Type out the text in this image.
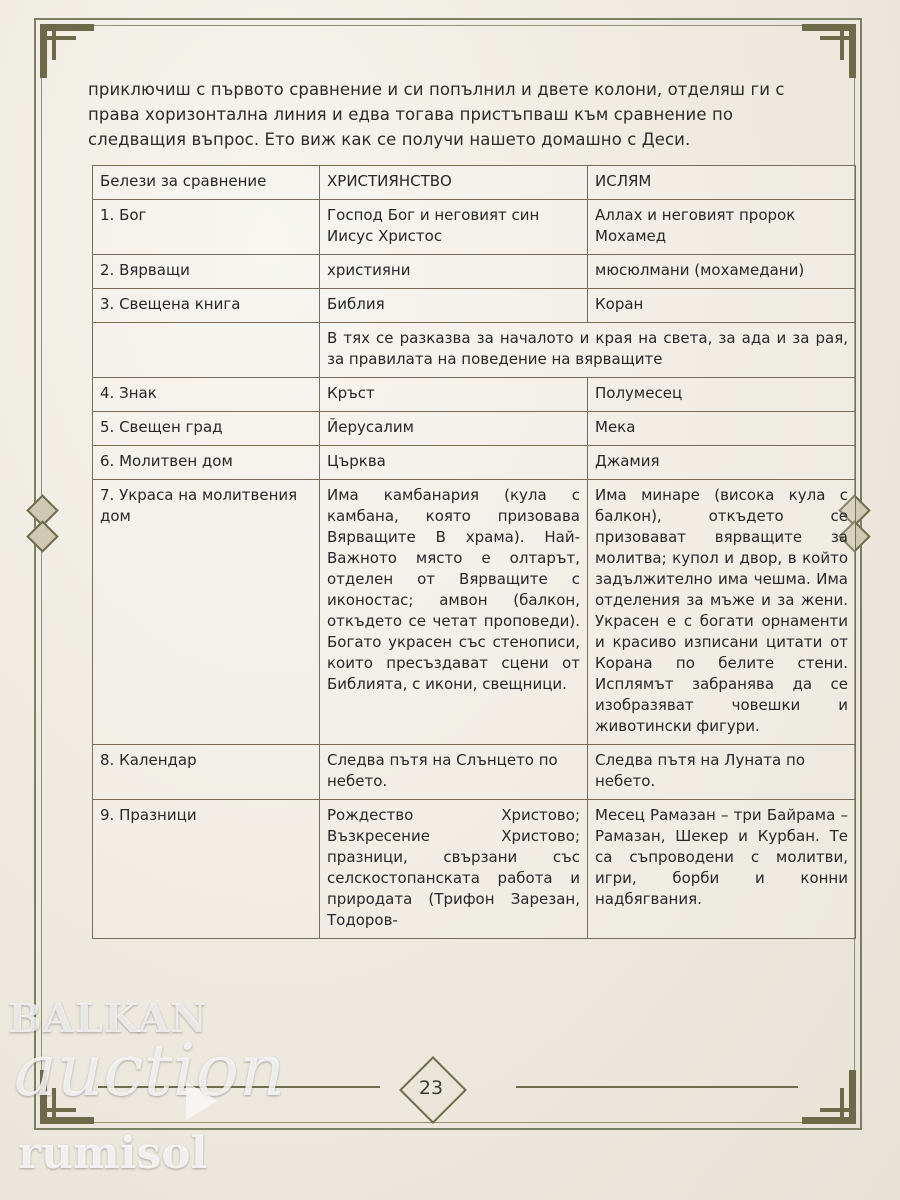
приключиш с първото сравнение и си попълнил и двете колони, отделяш ги с права хоризонтална линия и едва тогава пристъпваш към сравнение по следващия въпрос. Ето виж как се получи нашето домашно с Деси.

Белези за сравнение	ХРИСТИЯНСТВО	ИСЛЯМ
1. Бог	Господ Бог и неговият син Иисус Христос	Аллах и неговият пророк Мохамед
2. Вярващи	християни	мюсюлмани (мохамедани)
3. Свещена книга	Библия	Коран
	В тях се разказва за началото и края на света, за ада и за рая, за правилата на поведение на вярващите	
4. Знак	Кръст	Полумесец
5. Свещен град	Йерусалим	Мека
6. Молитвен дом	Църква	Джамия
7. Украса на молитвения дом	Има камбанария (кула с камбана, която призовава Вярващите В храма). Най-Важното място е олтарът, отделен от Вярващите с иконостас; амвон (балкон, откъдето се четат проповеди). Богато украсен със стенописи, които пресъздават сцени от Библията, с икони, свещници.	Има минаре (висока кула с балкон), откъдето се призовават вярващите за молитва; купол и двор, в който задължително има чешма. Има отделения за мъже и за жени. Украсен е с богати орнаменти и красиво изписани цитати от Корана по белите стени. Исплямът забранява да се изобразяват човешки и животински фигури.
8. Календар	Следва пътя на Слънцето по небето.	Следва пътя на Луната по небето.
9. Празници	Рождество Христово; Възкресение Христово; празници, свързани със селскостопанската работа и природата (Трифон Зарезан, Тодоров-	Месец Рамазан – три Байрама – Рамазан, Шекер и Курбан. Те са съпроводени с молитви, игри, борби и конни надбягвания.
23
BALKAN
auction
rumisol
